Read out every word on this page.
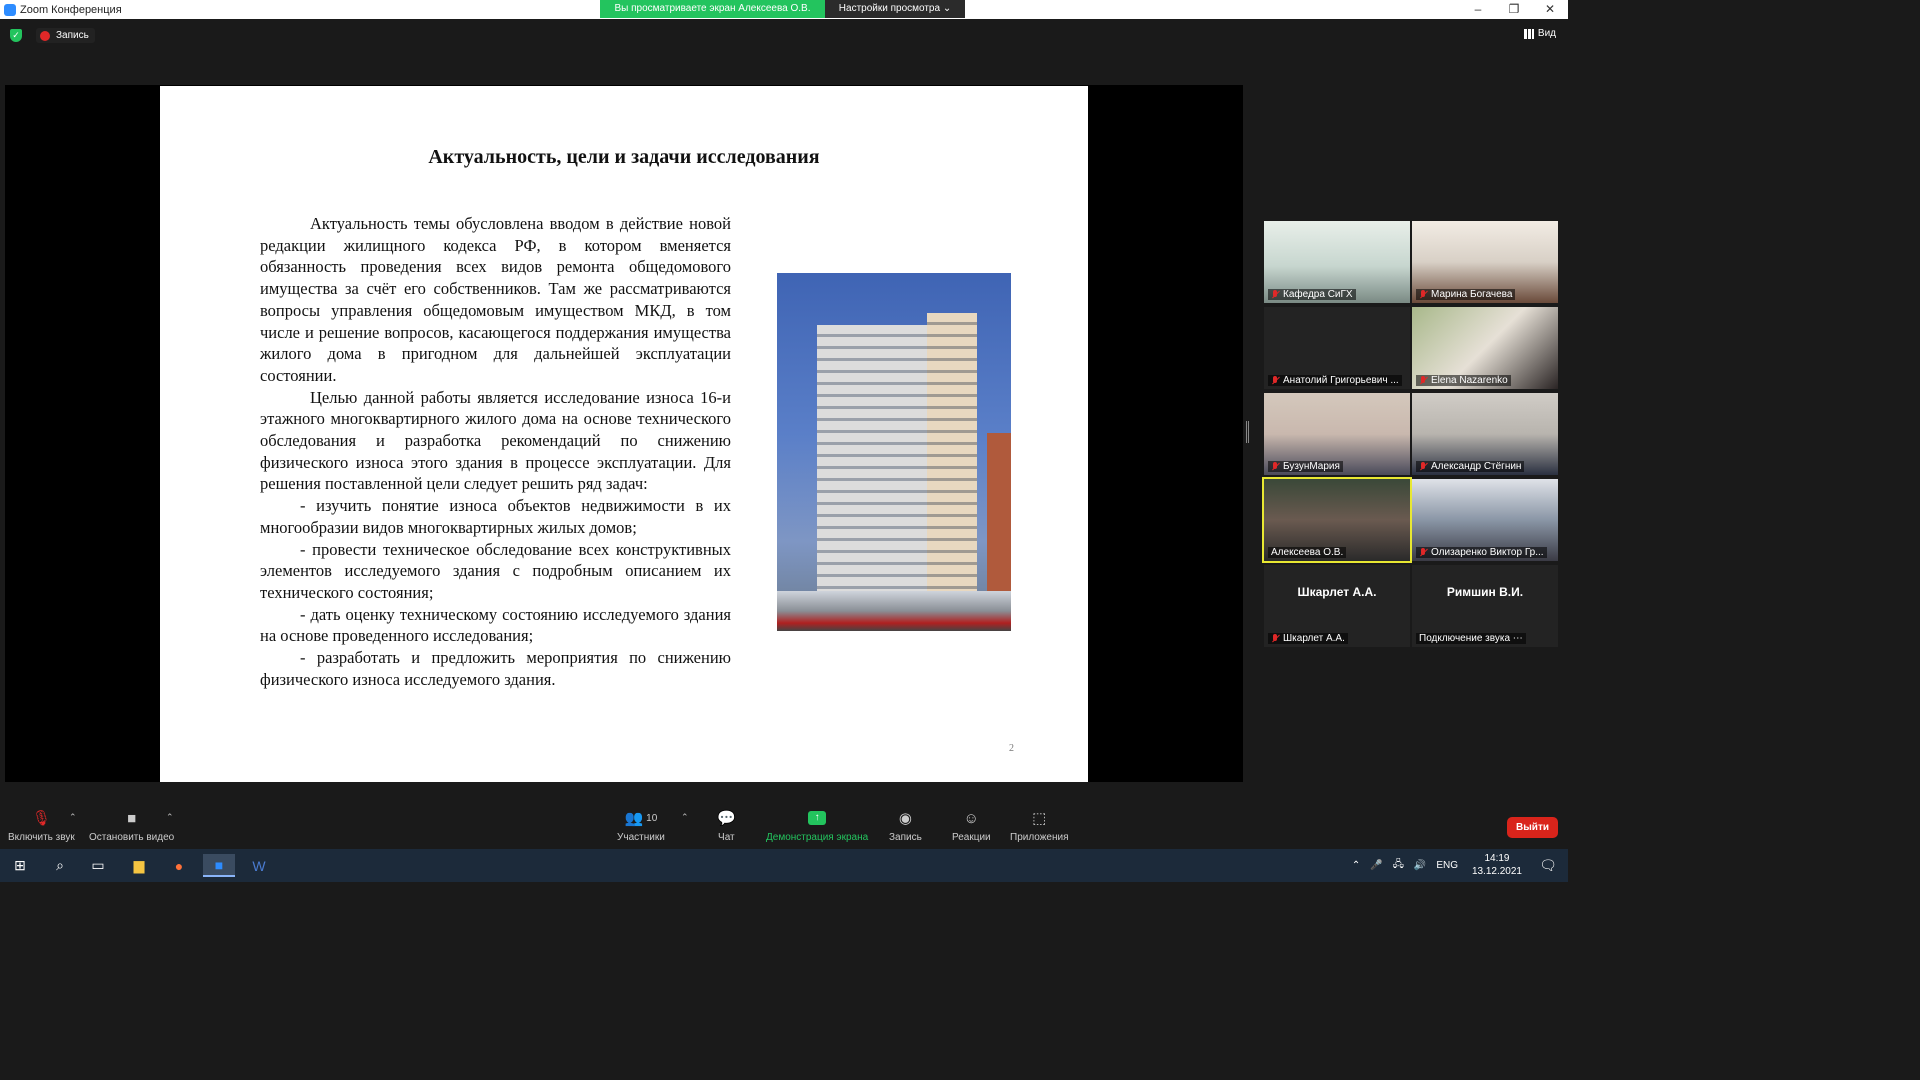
Zoom Конференция	–	❐	✕
Вы просматриваете экран Алексеева О.В.	Настройки просмотра ⌄
✓	Запись	Вид
Актуальность, цели и задачи исследования

Актуальность темы обусловлена вводом в действие новой редакции жилищного кодекса РФ, в котором вменяется обязанность проведения всех видов ремонта общедомового имущества за счёт его собственников. Там же рассматриваются вопросы управления общедомовым имуществом МКД, в том числе и решение вопросов, касающегося поддержания имущества жилого дома в пригодном для дальнейшей эксплуатации состоянии.

Целью данной работы является исследование износа 16-и этажного многоквартирного жилого дома на основе технического обследования и разработка рекомендаций по снижению физического износа этого здания в процессе эксплуатации. Для решения поставленной цели следует решить ряд задач:

- изучить понятие износа объектов недвижимости в их многообразии видов многоквартирных жилых домов;

- провести техническое обследование всех конструктивных элементов исследуемого здания с подробным описанием их технического состояния;

- дать оценку техническому состоянию исследуемого здания на основе проведенного исследования;

- разработать и предложить мероприятия по снижению физического износа исследуемого здания.

2
Кафедра СиГХ	Марина Богачева
Анатолий Григорьевич ...	Elena Nazarenko
БузунМария	Александр Стёгнин
Алексеева О.В.	Олизаренко Виктор Гр...
Шкарлет А.А.
Шкарлет А.А.
Римшин В.И.
Подключение звука ⋯
🎙
Включить звук
⌃	■
Остановить видео
⌃	👥 10
Участники
⌃ 💬
Чат
↑
Демонстрация экрана
◉
Запись
☺
Реакции
⬚
Приложения
Выйти
⊞	⌕	▭	▆	●	■	W	⌃ 🎤 🖧 🔊 ENG
14:19
13.12.2021	🗨
